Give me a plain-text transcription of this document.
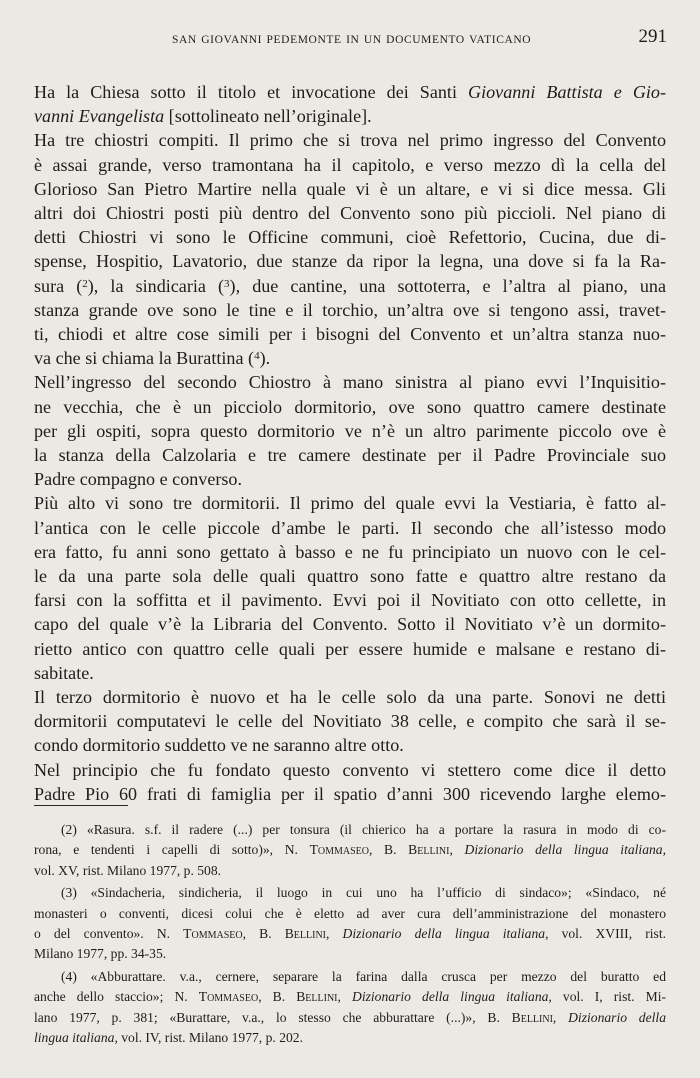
SAN GIOVANNI PEDEMONTE IN UN DOCUMENTO VATICANO	291
Ha la Chiesa sotto il titolo et invocatione dei Santi Giovanni Battista e Gio-
vanni Evangelista [sottolineato nell’originale].
Ha tre chiostri compiti. Il primo che si trova nel primo ingresso del Convento
è assai grande, verso tramontana ha il capitolo, e verso mezzo dì la cella del
Glorioso San Pietro Martire nella quale vi è un altare, e vi si dice messa. Gli
altri doi Chiostri posti più dentro del Convento sono più piccioli. Nel piano di
detti Chiostri vi sono le Officine communi, cioè Refettorio, Cucina, due di-
spense, Hospitio, Lavatorio, due stanze da ripor la legna, una dove si fa la Ra-
sura ($^2$), la sindicaria ($^3$), due cantine, una sottoterra, e l’altra al piano, una
stanza grande ove sono le tine e il torchio, un’altra ove si tengono assi, travet-
ti, chiodi et altre cose simili per i bisogni del Convento et un’altra stanza nuo-
va che si chiama la Burattina ($^4$).
Nell’ingresso del secondo Chiostro à mano sinistra al piano evvi l’Inquisitio-
ne vecchia, che è un picciolo dormitorio, ove sono quattro camere destinate
per gli ospiti, sopra questo dormitorio ve n’è un altro parimente piccolo ove è
la stanza della Calzolaria e tre camere destinate per il Padre Provinciale suo
Padre compagno e converso.
Più alto vi sono tre dormitorii. Il primo del quale evvi la Vestiaria, è fatto al-
l’antica con le celle piccole d’ambe le parti. Il secondo che all’istesso modo
era fatto, fu anni sono gettato à basso e ne fu principiato un nuovo con le cel-
le da una parte sola delle quali quattro sono fatte e quattro altre restano da
farsi con la soffitta et il pavimento. Evvi poi il Novitiato con otto cellette, in
capo del quale v’è la Libraria del Convento. Sotto il Novitiato v’è un dormito-
rietto antico con quattro celle quali per essere humide e malsane e restano di-
sabitate.
Il terzo dormitorio è nuovo et ha le celle solo da una parte. Sonovi ne detti
dormitorii computatevi le celle del Novitiato 38 celle, e compito che sarà il se-
condo dormitorio suddetto ve ne saranno altre otto.
Nel principio che fu fondato questo convento vi stettero come dice il detto
Padre Pio 60 frati di famiglia per il spatio d’anni 300 ricevendo larghe elemo-
(2) «Rasura. s.f. il radere (...) per tonsura (il chierico ha a portare la rasura in modo di co-
rona, e tendenti i capelli di sotto)», N. Tommaseo, B. Bellini, Dizionario della lingua italiana,
vol. XV, rist. Milano 1977, p. 508.
(3) «Sindacheria, sindicheria, il luogo in cui uno ha l’ufficio di sindaco»; «Sindaco, né
monasteri o conventi, dicesi colui che è eletto ad aver cura dell’amministrazione del monastero
o del convento». N. Tommaseo, B. Bellini, Dizionario della lingua italiana, vol. XVIII, rist.
Milano 1977, pp. 34-35.
(4) «Abburattare. v.a., cernere, separare la farina dalla crusca per mezzo del buratto ed
anche dello staccio»; N. Tommaseo, B. Bellini, Dizionario della lingua italiana, vol. I, rist. Mi-
lano 1977, p. 381; «Burattare, v.a., lo stesso che abburattare (...)», B. Bellini, Dizionario della
lingua italiana, vol. IV, rist. Milano 1977, p. 202.
